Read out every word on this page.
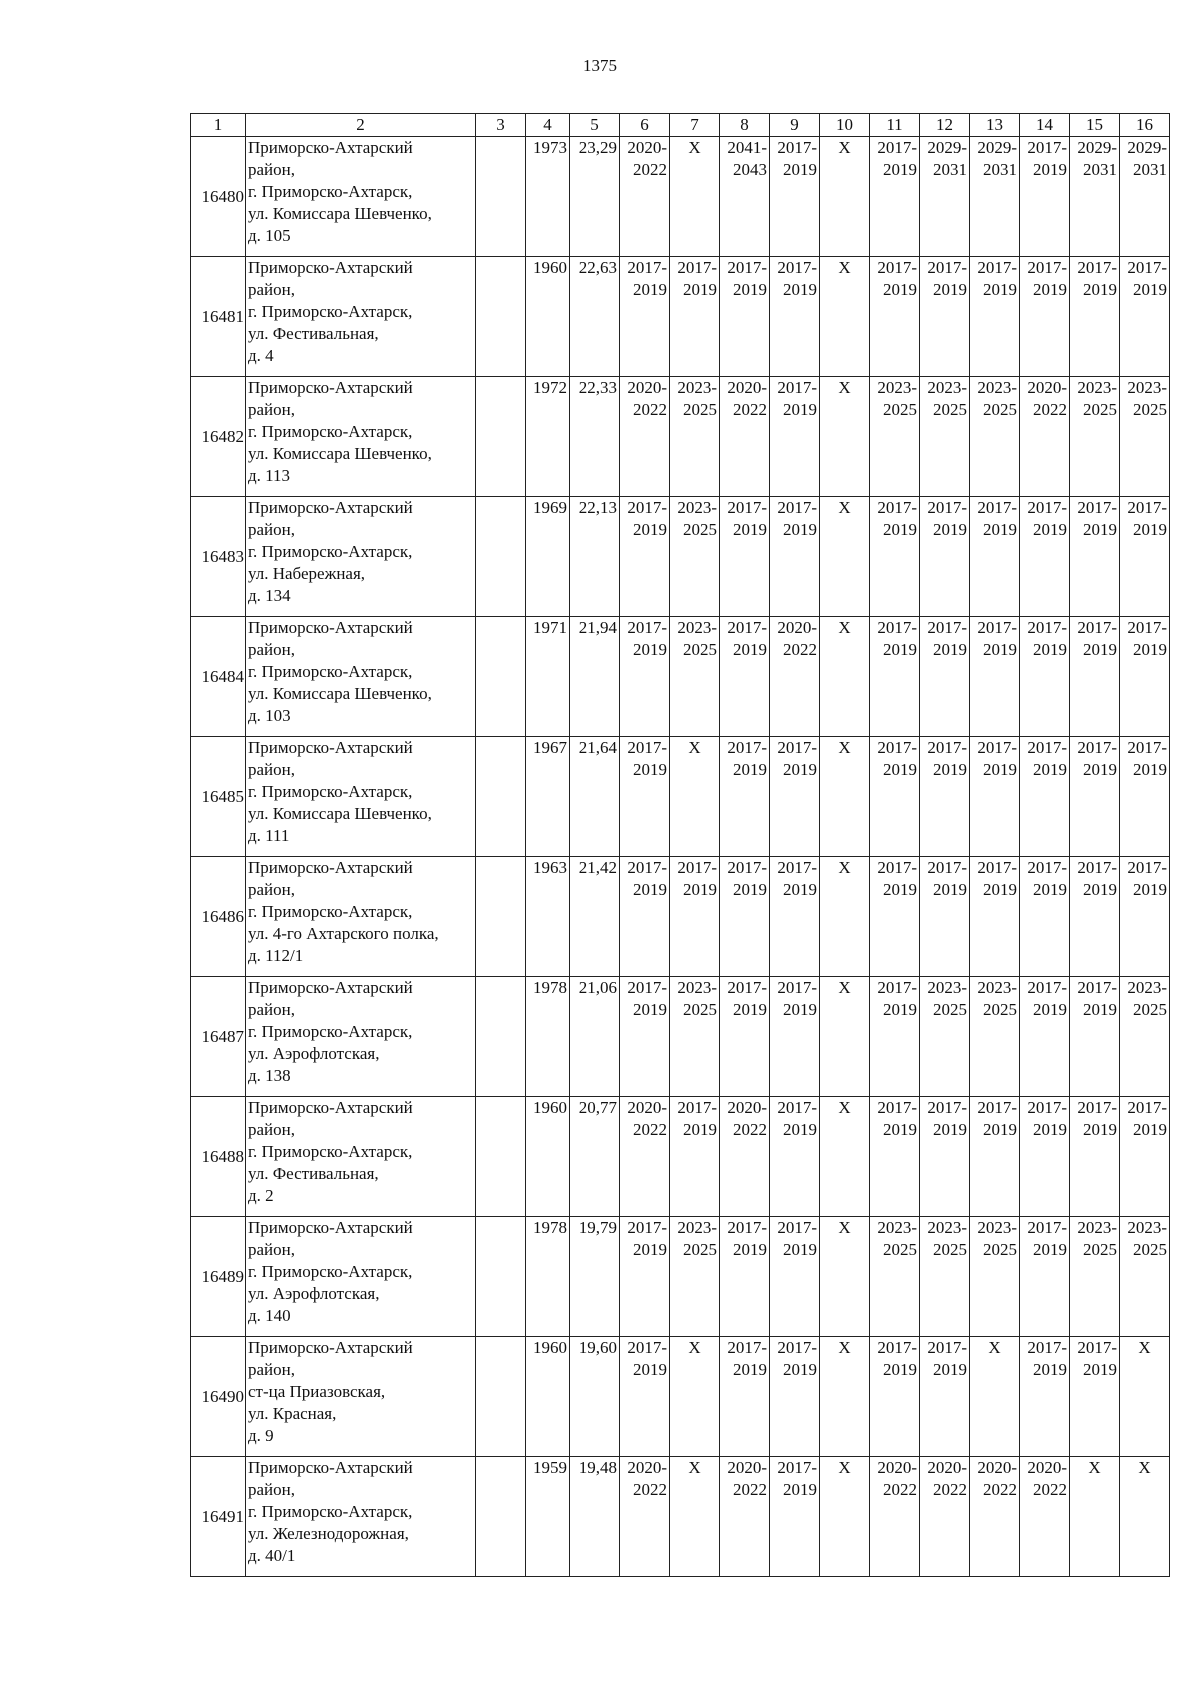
1375
1	2	3	4	5	6	7	8	9	10	11	12	13	14	15	16
16480	Приморско-Ахтарский
район,
г. Приморско-Ахтарск,
ул. Комиссара Шевченко,
д. 105		1973	23,29	2020-
2022	Х	2041-
2043	2017-
2019	Х	2017-
2019	2029-
2031	2029-
2031	2017-
2019	2029-
2031	2029-
2031

16481	Приморско-Ахтарский
район,
г. Приморско-Ахтарск,
ул. Фестивальная,
д. 4		1960	22,63	2017-
2019	2017-
2019	2017-
2019	2017-
2019	Х	2017-
2019	2017-
2019	2017-
2019	2017-
2019	2017-
2019	2017-
2019

16482	Приморско-Ахтарский
район,
г. Приморско-Ахтарск,
ул. Комиссара Шевченко,
д. 113		1972	22,33	2020-
2022	2023-
2025	2020-
2022	2017-
2019	Х	2023-
2025	2023-
2025	2023-
2025	2020-
2022	2023-
2025	2023-
2025

16483	Приморско-Ахтарский
район,
г. Приморско-Ахтарск,
ул. Набережная,
д. 134		1969	22,13	2017-
2019	2023-
2025	2017-
2019	2017-
2019	Х	2017-
2019	2017-
2019	2017-
2019	2017-
2019	2017-
2019	2017-
2019

16484	Приморско-Ахтарский
район,
г. Приморско-Ахтарск,
ул. Комиссара Шевченко,
д. 103		1971	21,94	2017-
2019	2023-
2025	2017-
2019	2020-
2022	Х	2017-
2019	2017-
2019	2017-
2019	2017-
2019	2017-
2019	2017-
2019

16485	Приморско-Ахтарский
район,
г. Приморско-Ахтарск,
ул. Комиссара Шевченко,
д. 111		1967	21,64	2017-
2019	Х	2017-
2019	2017-
2019	Х	2017-
2019	2017-
2019	2017-
2019	2017-
2019	2017-
2019	2017-
2019

16486	Приморско-Ахтарский
район,
г. Приморско-Ахтарск,
ул. 4-го Ахтарского полка,
д. 112/1		1963	21,42	2017-
2019	2017-
2019	2017-
2019	2017-
2019	Х	2017-
2019	2017-
2019	2017-
2019	2017-
2019	2017-
2019	2017-
2019

16487	Приморско-Ахтарский
район,
г. Приморско-Ахтарск,
ул. Аэрофлотская,
д. 138		1978	21,06	2017-
2019	2023-
2025	2017-
2019	2017-
2019	Х	2017-
2019	2023-
2025	2023-
2025	2017-
2019	2017-
2019	2023-
2025

16488	Приморско-Ахтарский
район,
г. Приморско-Ахтарск,
ул. Фестивальная,
д. 2		1960	20,77	2020-
2022	2017-
2019	2020-
2022	2017-
2019	Х	2017-
2019	2017-
2019	2017-
2019	2017-
2019	2017-
2019	2017-
2019

16489	Приморско-Ахтарский
район,
г. Приморско-Ахтарск,
ул. Аэрофлотская,
д. 140		1978	19,79	2017-
2019	2023-
2025	2017-
2019	2017-
2019	Х	2023-
2025	2023-
2025	2023-
2025	2017-
2019	2023-
2025	2023-
2025

16490	Приморско-Ахтарский
район,
ст-ца Приазовская,
ул. Красная,
д. 9		1960	19,60	2017-
2019	Х	2017-
2019	2017-
2019	Х	2017-
2019	2017-
2019	Х	2017-
2019	2017-
2019	Х
16491	Приморско-Ахтарский
район,
г. Приморско-Ахтарск,
ул. Железнодорожная,
д. 40/1		1959	19,48	2020-
2022	Х	2020-
2022	2017-
2019	Х	2020-
2022	2020-
2022	2020-
2022	2020-
2022	Х	Х
